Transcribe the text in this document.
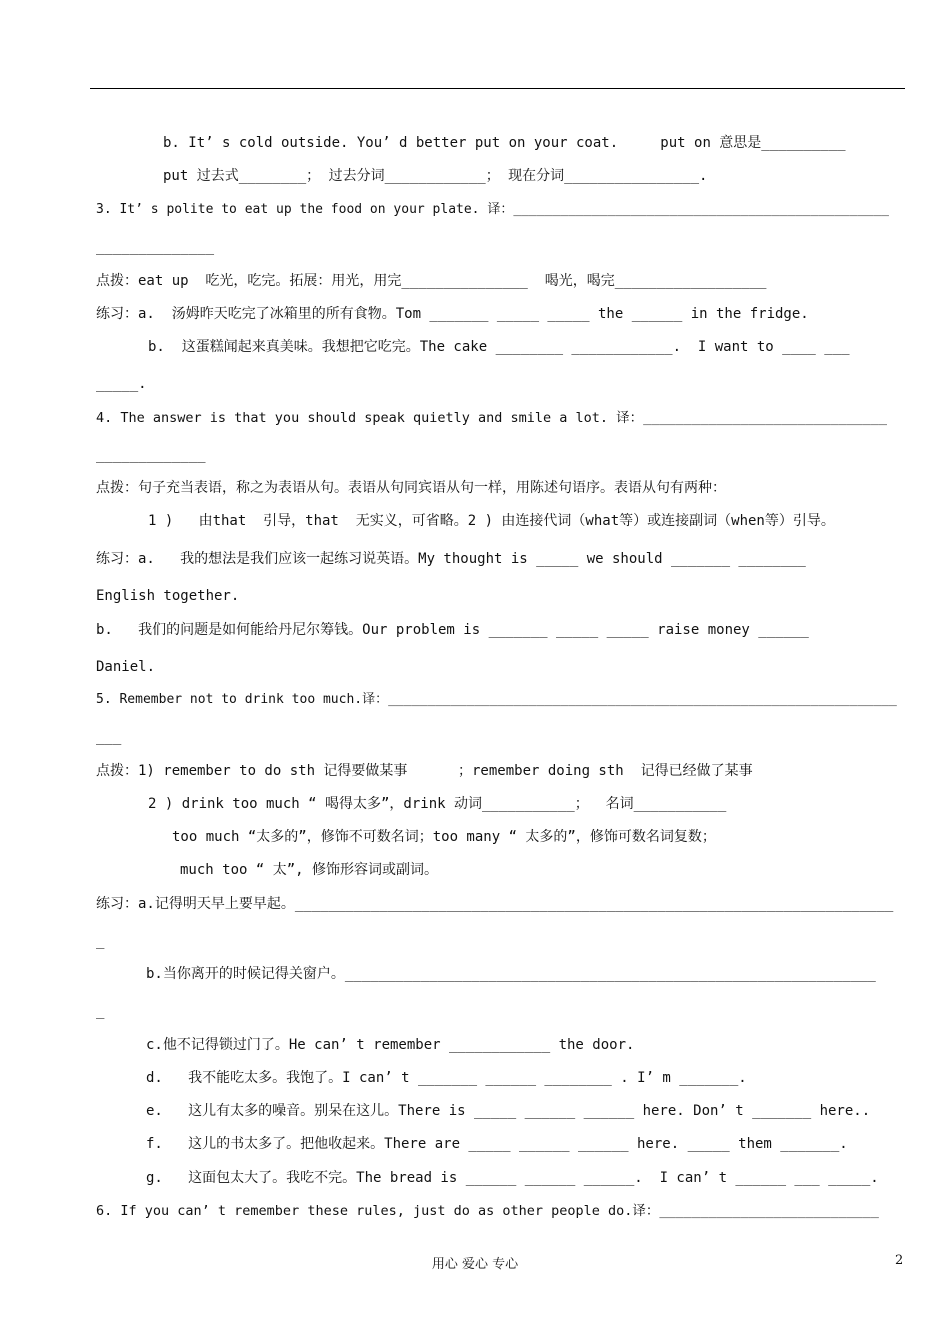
b. It’ s cold outside. You’ d better put on your coat.     put on 意思是__________
put 过去式________； 过去分词____________； 现在分词________________.
3. It’ s polite to eat up the food on your plate. 译：________________________________________________
______________
点拨：eat up  吃光，吃完。拓展：用光，用完_______________  喝光，喝完__________________
练习：a.  汤姆昨天吃完了冰箱里的所有食物。Tom _______ _____ _____ the ______ in the fridge.
b.  这蛋糕闻起来真美味。我想把它吃完。The cake ________ ____________.  I want to ____ ___
_____.
4. The answer is that you should speak quietly and smile a lot. 译：______________________________
_____________
点拨：句子充当表语，称之为表语从句。表语从句同宾语从句一样，用陈述句语序。表语从句有两种：
1 )   由that  引导，that  无实义，可省略。2 ) 由连接代词（what等）或连接副词（when等）引导。
练习：a.   我的想法是我们应该一起练习说英语。My thought is _____ we should _______ ________
English together.
b.   我们的问题是如何能给丹尼尔筹钱。Our problem is _______ _____ _____ raise money ______
Daniel.
5. Remember not to drink too much.译：_________________________________________________________________
___
点拨：1) remember to do sth 记得要做某事      ；remember doing sth  记得已经做了某事
2 ) drink too much “ 喝得太多”，drink 动词___________；  名词___________
too much “太多的”，修饰不可数名词；too many “ 太多的”，修饰可数名词复数；
much too “ 太”, 修饰形容词或副词。
练习：a.记得明天早上要早起。_______________________________________________________________________
_
b.当你离开的时候记得关窗户。_______________________________________________________________
_
c.他不记得锁过门了。He can’ t remember ____________ the door.
d.   我不能吃太多。我饱了。I can’ t _______ ______ ________ . I’ m _______.
e.   这儿有太多的噪音。别呆在这儿。There is _____ ______ ______ here. Don’ t _______ here..
f.   这儿的书太多了。把他收起来。There are _____ ______ ______ here. _____ them _______.
g.   这面包太大了。我吃不完。The bread is ______ ______ ______.  I can’ t ______ ___ _____.
6. If you can’ t remember these rules, just do as other people do.译：___________________________
用心 爱心 专心	2
